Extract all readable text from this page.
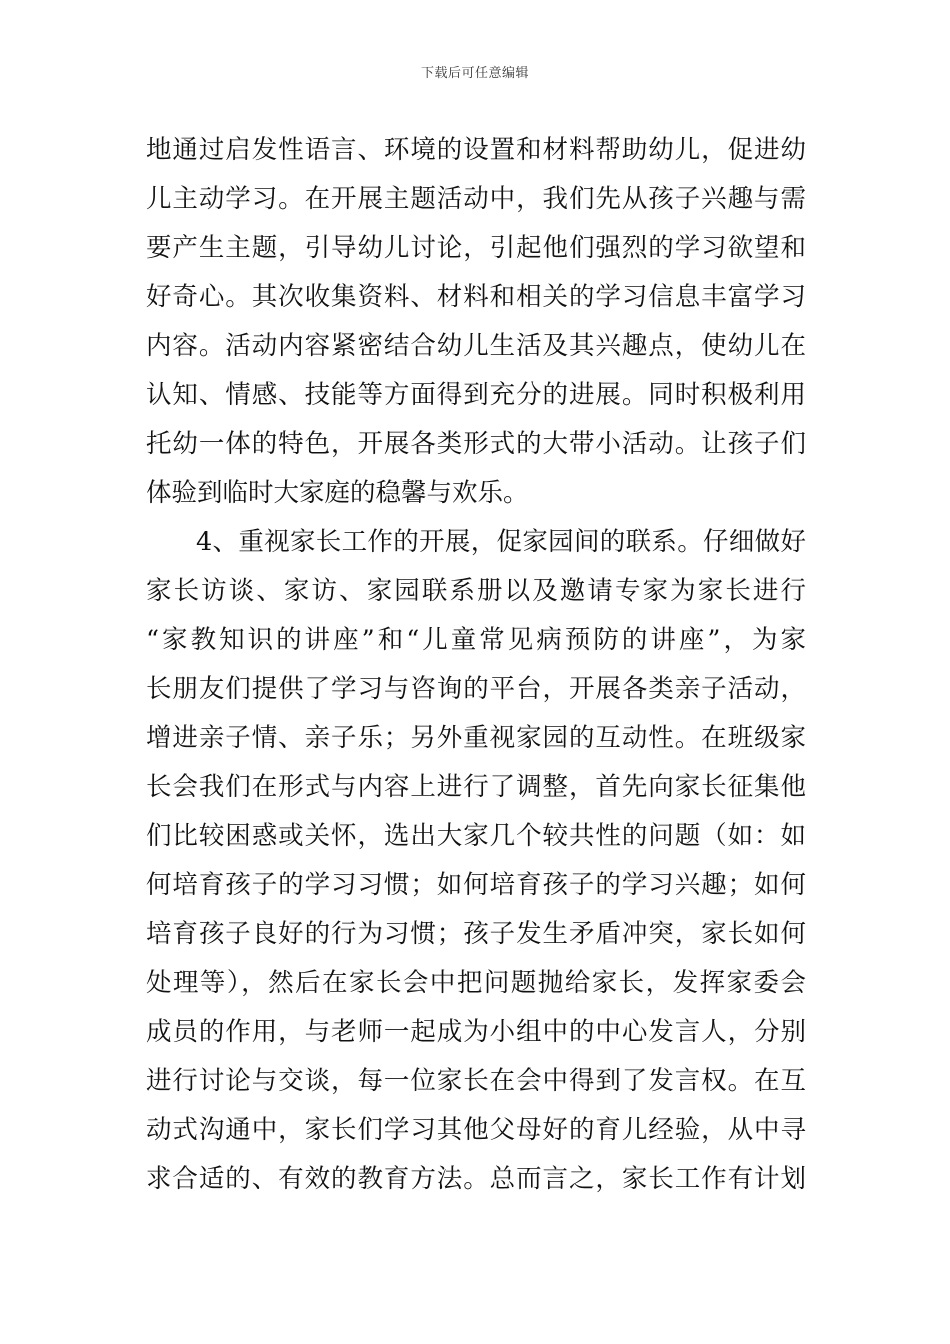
下载后可任意编辑
地通过启发性语言、环境的设置和材料帮助幼儿，促进幼
儿主动学习。在开展主题活动中，我们先从孩子兴趣与需
要产生主题，引导幼儿讨论，引起他们强烈的学习欲望和
好奇心。其次收集资料、材料和相关的学习信息丰富学习
内容。活动内容紧密结合幼儿生活及其兴趣点，使幼儿在
认知、情感、技能等方面得到充分的进展。同时积极利用
托幼一体的特色，开展各类形式的大带小活动。让孩子们
体验到临时大家庭的稳馨与欢乐。
4、重视家长工作的开展，促家园间的联系。仔细做好
家长访谈、家访、家园联系册以及邀请专家为家长进行
“家教知识的讲座”和“儿童常见病预防的讲座”，为家
长朋友们提供了学习与咨询的平台，开展各类亲子活动，
增进亲子情、亲子乐；另外重视家园的互动性。在班级家
长会我们在形式与内容上进行了调整，首先向家长征集他
们比较困惑或关怀，选出大家几个较共性的问题（如：如
何培育孩子的学习习惯；如何培育孩子的学习兴趣；如何
培育孩子良好的行为习惯；孩子发生矛盾冲突，家长如何
处理等），然后在家长会中把问题抛给家长，发挥家委会
成员的作用，与老师一起成为小组中的中心发言人，分别
进行讨论与交谈，每一位家长在会中得到了发言权。在互
动式沟通中，家长们学习其他父母好的育儿经验，从中寻
求合适的、有效的教育方法。总而言之，家长工作有计划
